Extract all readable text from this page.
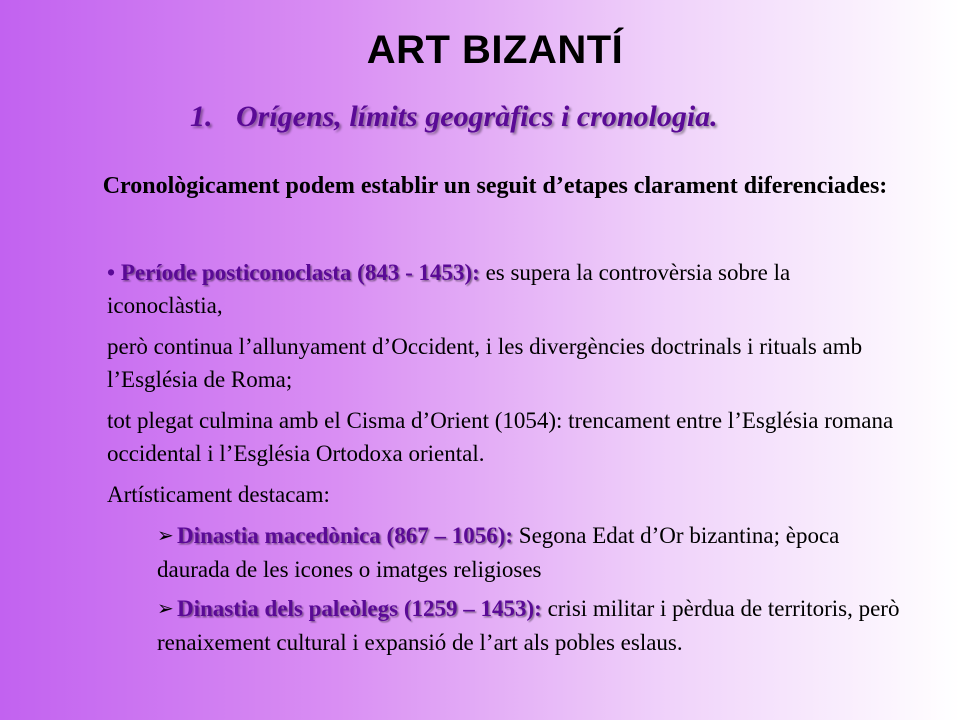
ART BIZANTÍ
1. Orígens, límits geogràfics i cronologia.
Cronològicament podem establir un seguit d’etapes clarament diferenciades:

• Període posticonoclasta (843 - 1453): es supera la controvèrsia sobre la iconoclàstia,

però continua l’allunyament d’Occident, i les divergències doctrinals i rituals amb l’Església de Roma;

tot plegat culmina amb el Cisma d’Orient (1054): trencament entre l’Església romana occidental i l’Església Ortodoxa oriental.

Artísticament destacam:

➢ Dinastia macedònica (867 – 1056): Segona Edat d’Or bizantina; època daurada de les icones o imatges religioses

➢ Dinastia dels paleòlegs (1259 – 1453): crisi militar i pèrdua de territoris, però renaixement cultural i expansió de l’art als pobles eslaus.
